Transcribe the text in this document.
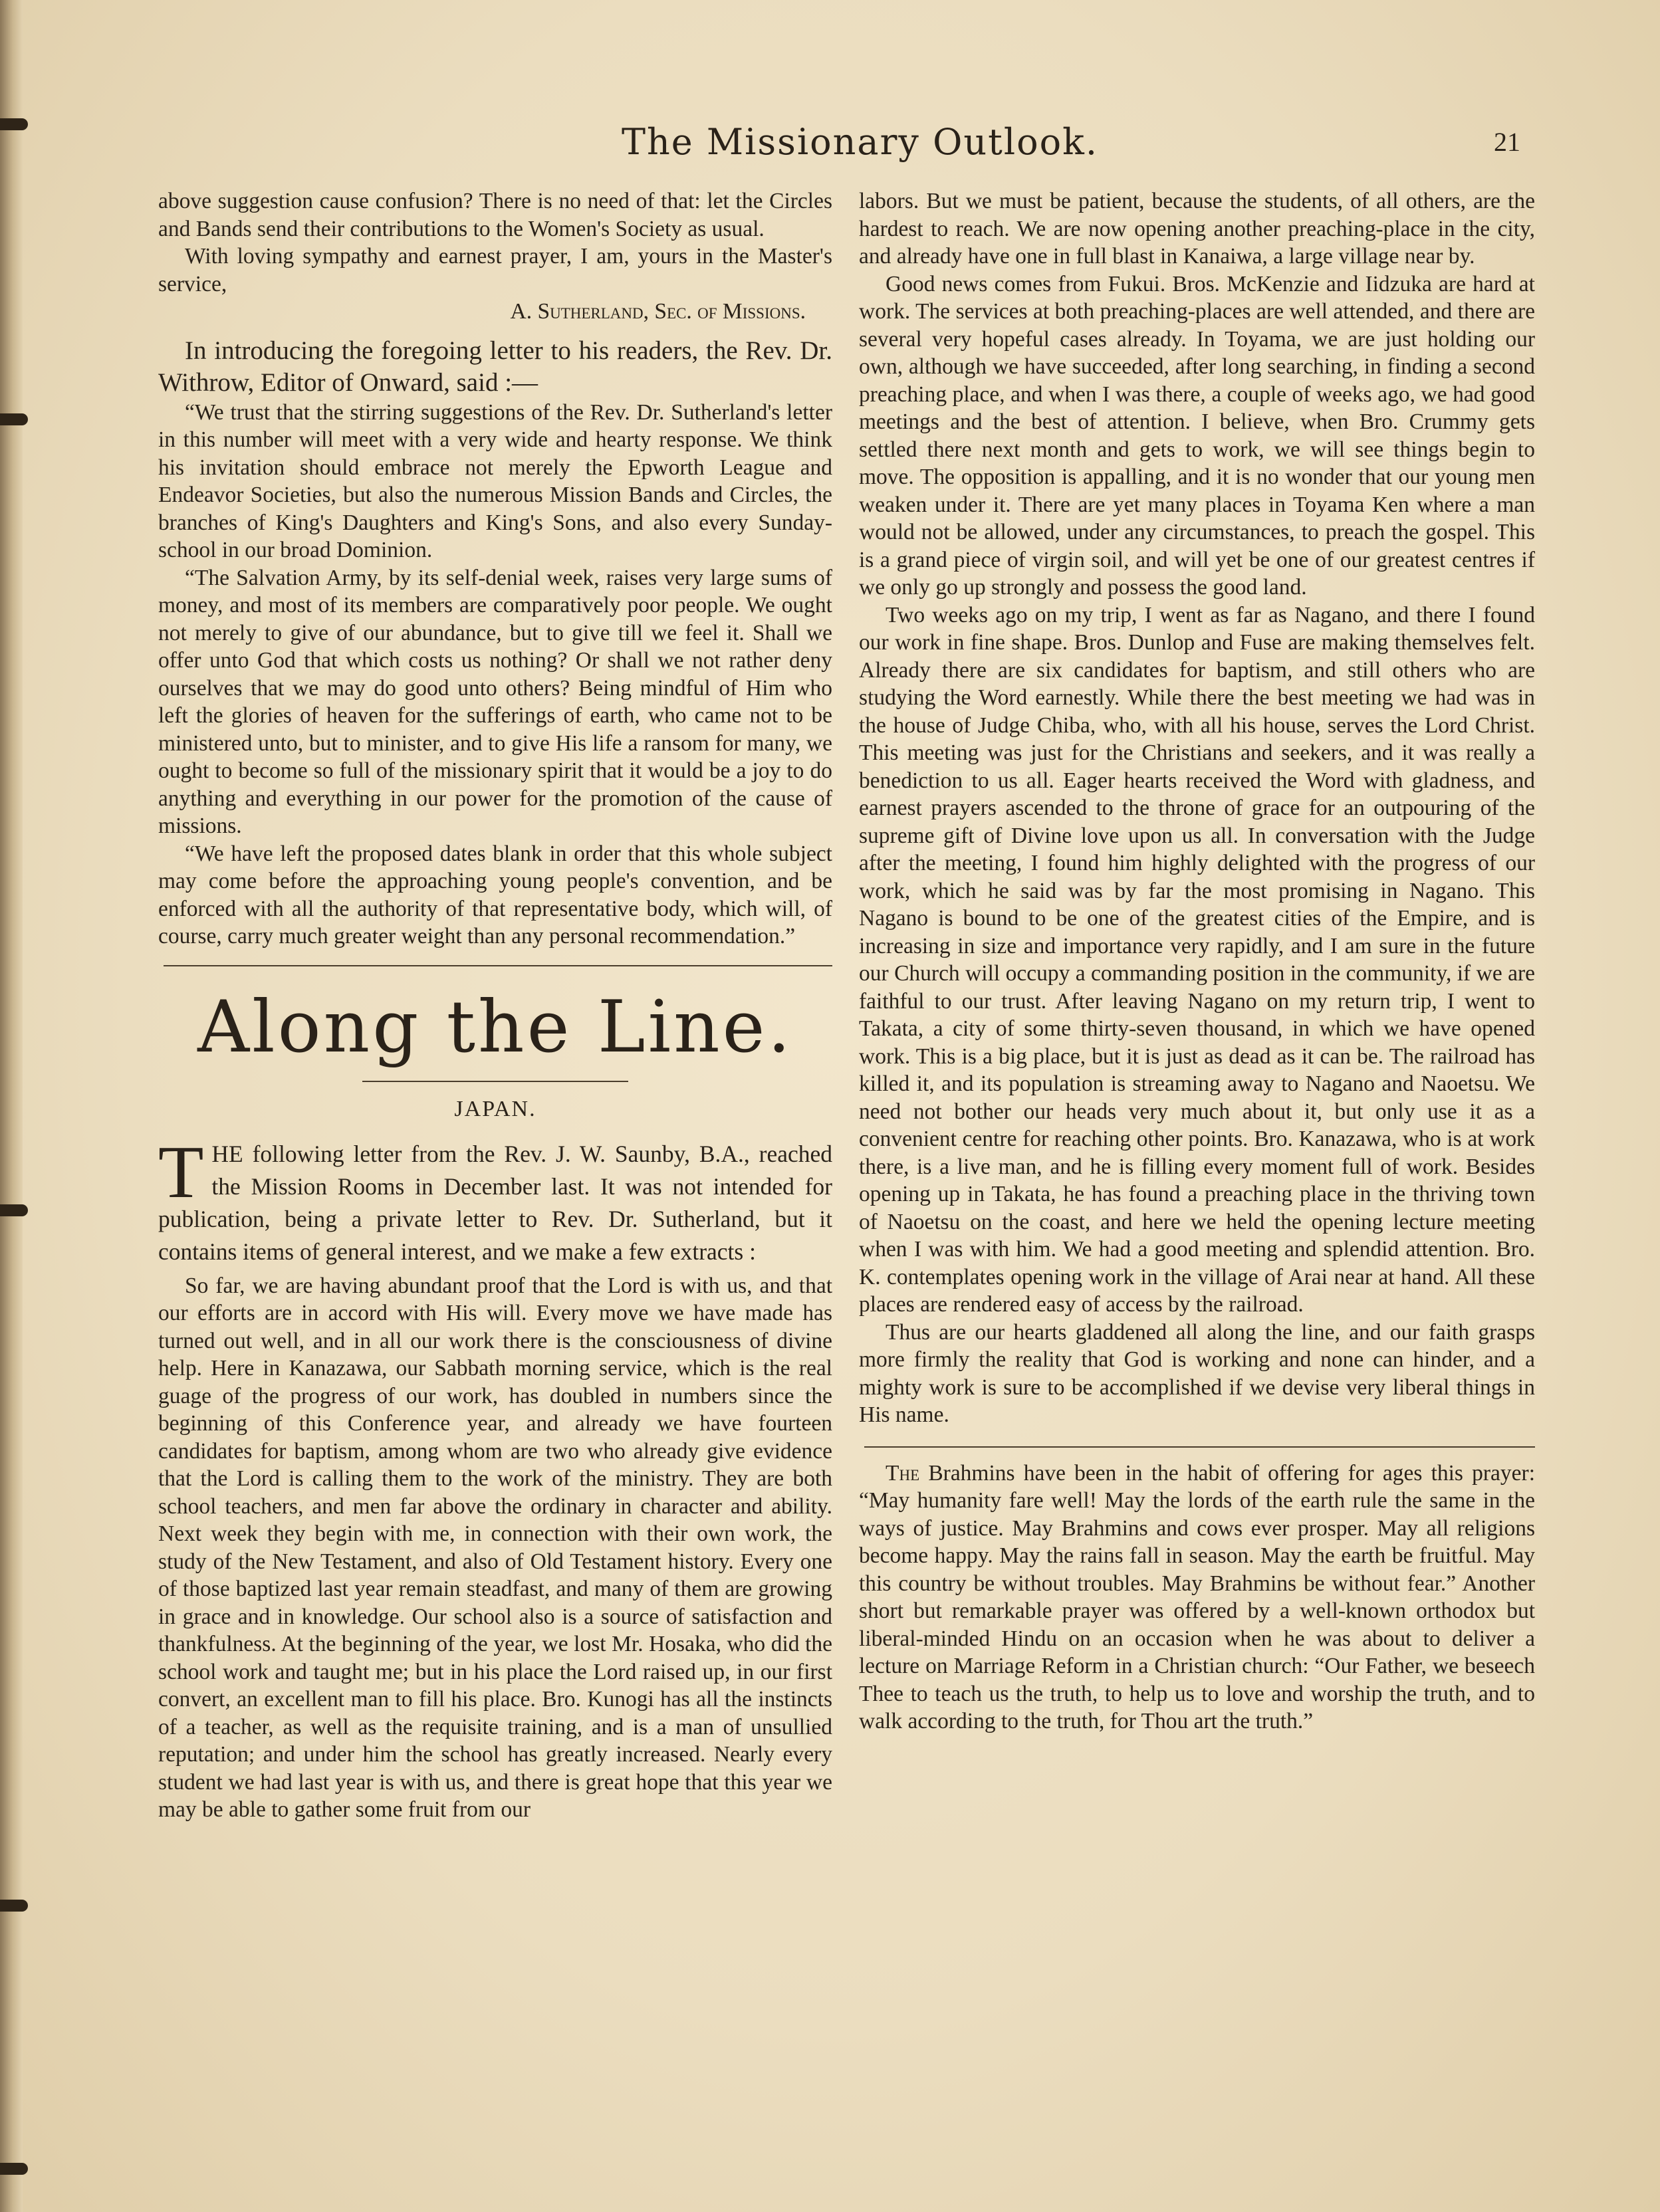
The Missionary Outlook.	21

above suggestion cause confusion? There is no need of that: let the Circles and Bands send their contributions to the Women's Society as usual.

With loving sympathy and earnest prayer, I am, yours in the Master's service,

A. Sutherland, Sec. of Missions.

In introducing the foregoing letter to his readers, the Rev. Dr. Withrow, Editor of Onward, said :—

“We trust that the stirring suggestions of the Rev. Dr. Sutherland's letter in this number will meet with a very wide and hearty response. We think his invitation should embrace not merely the Epworth League and Endeavor Societies, but also the numerous Mission Bands and Circles, the branches of King's Daughters and King's Sons, and also every Sunday-school in our broad Dominion.

“The Salvation Army, by its self-denial week, raises very large sums of money, and most of its members are comparatively poor people. We ought not merely to give of our abundance, but to give till we feel it. Shall we offer unto God that which costs us nothing? Or shall we not rather deny ourselves that we may do good unto others? Being mindful of Him who left the glories of heaven for the sufferings of earth, who came not to be ministered unto, but to minister, and to give His life a ransom for many, we ought to become so full of the missionary spirit that it would be a joy to do anything and everything in our power for the promotion of the cause of missions.

“We have left the proposed dates blank in order that this whole subject may come before the approaching young people's convention, and be enforced with all the authority of that representative body, which will, of course, carry much greater weight than any personal recommendation.”

Along the Line.
JAPAN.

THE following letter from the Rev. J. W. Saunby, B.A., reached the Mission Rooms in December last. It was not intended for publication, being a private letter to Rev. Dr. Sutherland, but it contains items of general interest, and we make a few extracts :

So far, we are having abundant proof that the Lord is with us, and that our efforts are in accord with His will. Every move we have made has turned out well, and in all our work there is the consciousness of divine help. Here in Kanazawa, our Sabbath morning service, which is the real guage of the progress of our work, has doubled in numbers since the beginning of this Conference year, and already we have fourteen candidates for baptism, among whom are two who already give evidence that the Lord is calling them to the work of the ministry. They are both school teachers, and men far above the ordinary in character and ability. Next week they begin with me, in connection with their own work, the study of the New Testament, and also of Old Testament history. Every one of those baptized last year remain steadfast, and many of them are growing in grace and in knowledge. Our school also is a source of satisfaction and thankfulness. At the beginning of the year, we lost Mr. Hosaka, who did the school work and taught me; but in his place the Lord raised up, in our first convert, an excellent man to fill his place. Bro. Kunogi has all the instincts of a teacher, as well as the requisite training, and is a man of unsullied reputation; and under him the school has greatly increased. Nearly every student we had last year is with us, and there is great hope that this year we may be able to gather some fruit from our

labors. But we must be patient, because the students, of all others, are the hardest to reach. We are now opening another preaching-place in the city, and already have one in full blast in Kanaiwa, a large village near by.

Good news comes from Fukui. Bros. McKenzie and Iidzuka are hard at work. The services at both preaching-places are well attended, and there are several very hopeful cases already. In Toyama, we are just holding our own, although we have succeeded, after long searching, in finding a second preaching place, and when I was there, a couple of weeks ago, we had good meetings and the best of attention. I believe, when Bro. Crummy gets settled there next month and gets to work, we will see things begin to move. The opposition is appalling, and it is no wonder that our young men weaken under it. There are yet many places in Toyama Ken where a man would not be allowed, under any circumstances, to preach the gospel. This is a grand piece of virgin soil, and will yet be one of our greatest centres if we only go up strongly and possess the good land.

Two weeks ago on my trip, I went as far as Nagano, and there I found our work in fine shape. Bros. Dunlop and Fuse are making themselves felt. Already there are six candidates for baptism, and still others who are studying the Word earnestly. While there the best meeting we had was in the house of Judge Chiba, who, with all his house, serves the Lord Christ. This meeting was just for the Christians and seekers, and it was really a benediction to us all. Eager hearts received the Word with gladness, and earnest prayers ascended to the throne of grace for an outpouring of the supreme gift of Divine love upon us all. In conversation with the Judge after the meeting, I found him highly delighted with the progress of our work, which he said was by far the most promising in Nagano. This Nagano is bound to be one of the greatest cities of the Empire, and is increasing in size and importance very rapidly, and I am sure in the future our Church will occupy a commanding position in the community, if we are faithful to our trust. After leaving Nagano on my return trip, I went to Takata, a city of some thirty-seven thousand, in which we have opened work. This is a big place, but it is just as dead as it can be. The railroad has killed it, and its population is streaming away to Nagano and Naoetsu. We need not bother our heads very much about it, but only use it as a convenient centre for reaching other points. Bro. Kanazawa, who is at work there, is a live man, and he is filling every moment full of work. Besides opening up in Takata, he has found a preaching place in the thriving town of Naoetsu on the coast, and here we held the opening lecture meeting when I was with him. We had a good meeting and splendid attention. Bro. K. contemplates opening work in the village of Arai near at hand. All these places are rendered easy of access by the railroad.

Thus are our hearts gladdened all along the line, and our faith grasps more firmly the reality that God is working and none can hinder, and a mighty work is sure to be accomplished if we devise very liberal things in His name.

The Brahmins have been in the habit of offering for ages this prayer: “May humanity fare well! May the lords of the earth rule the same in the ways of justice. May Brahmins and cows ever prosper. May all religions become happy. May the rains fall in season. May the earth be fruitful. May this country be without troubles. May Brahmins be without fear.” Another short but remarkable prayer was offered by a well-known orthodox but liberal-minded Hindu on an occasion when he was about to deliver a lecture on Marriage Reform in a Christian church: “Our Father, we beseech Thee to teach us the truth, to help us to love and worship the truth, and to walk according to the truth, for Thou art the truth.”
